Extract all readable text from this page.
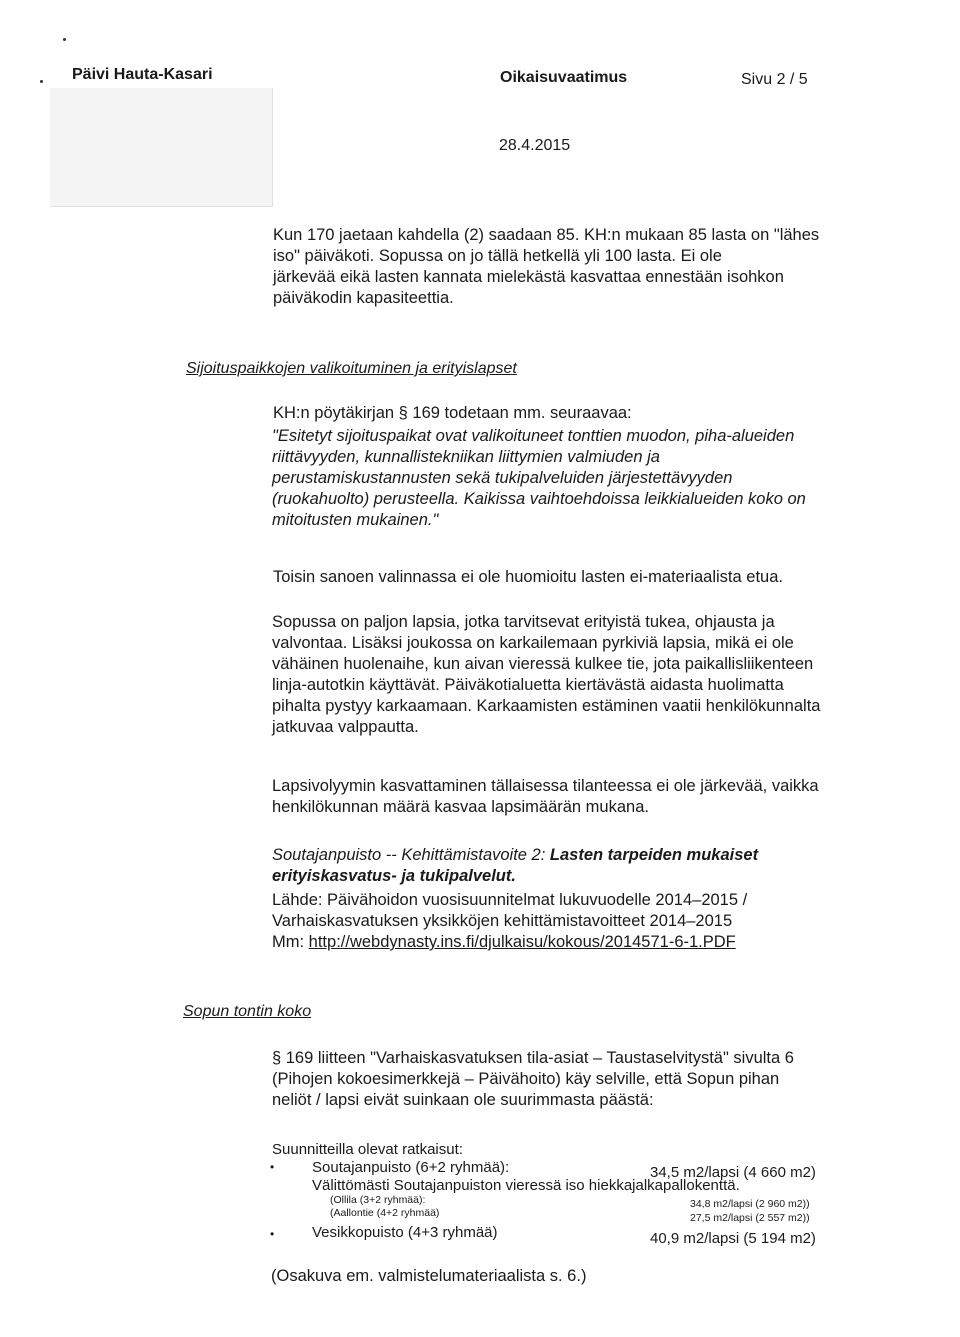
Päivi Hauta-Kasari	Oikaisuvaatimus	Sivu 2 / 5
28.4.2015
Kun 170 jaetaan kahdella (2) saadaan 85. KH:n mukaan 85 lasta on "lähes
iso" päiväkoti. Sopussa on jo tällä hetkellä yli 100 lasta. Ei ole
järkevää eikä lasten kannata mielekästä kasvattaa ennestään isohkon
päiväkodin kapasiteettia.
Sijoituspaikkojen valikoituminen ja erityislapset
KH:n pöytäkirjan § 169 todetaan mm. seuraavaa:
"Esitetyt sijoituspaikat ovat valikoituneet tonttien muodon, piha-alueiden
riittävyyden, kunnallistekniikan liittymien valmiuden ja
perustamiskustannusten sekä tukipalveluiden järjestettävyyden
(ruokahuolto) perusteella. Kaikissa vaihtoehdoissa leikkialueiden koko on
mitoitusten mukainen."
Toisin sanoen valinnassa ei ole huomioitu lasten ei-materiaalista etua.
Sopussa on paljon lapsia, jotka tarvitsevat erityistä tukea, ohjausta ja
valvontaa. Lisäksi joukossa on karkailemaan pyrkiviä lapsia, mikä ei ole
vähäinen huolenaihe, kun aivan vieressä kulkee tie, jota paikallisliikenteen
linja-autotkin käyttävät. Päiväkotialuetta kiertävästä aidasta huolimatta
pihalta pystyy karkaamaan. Karkaamisten estäminen vaatii henkilökunnalta
jatkuvaa valppautta.
Lapsivolyymin kasvattaminen tällaisessa tilanteessa ei ole järkevää, vaikka
henkilökunnan määrä kasvaa lapsimäärän mukana.
Soutajanpuisto -- Kehittämistavoite 2: Lasten tarpeiden mukaiset
erityiskasvatus- ja tukipalvelut.
Lähde: Päivähoidon vuosisuunnitelmat lukuvuodelle 2014–2015 /
Varhaiskasvatuksen yksikköjen kehittämistavoitteet 2014–2015
Mm: http://webdynasty.ins.fi/djulkaisu/kokous/2014571-6-1.PDF
Sopun tontin koko
§ 169 liitteen "Varhaiskasvatuksen tila-asiat – Taustaselvitystä" sivulta 6
(Pihojen kokoesimerkkejä – Päivähoito) käy selville, että Sopun pihan
neliöt / lapsi eivät suinkaan ole suurimmasta päästä:
Suunnitteilla olevat ratkaisut:
•	Soutajanpuisto (6+2 ryhmää):	34,5 m2/lapsi (4 660 m2)
Välittömästi Soutajanpuiston vieressä iso hiekkajalkapallokenttä.
(Ollila (3+2 ryhmää):	34,8 m2/lapsi (2 960 m2))
(Aallontie (4+2 ryhmää)	27,5 m2/lapsi (2 557 m2))
•	Vesikkopuisto (4+3 ryhmää)	40,9 m2/lapsi (5 194 m2)
(Osakuva em. valmistelumateriaalista s. 6.)
